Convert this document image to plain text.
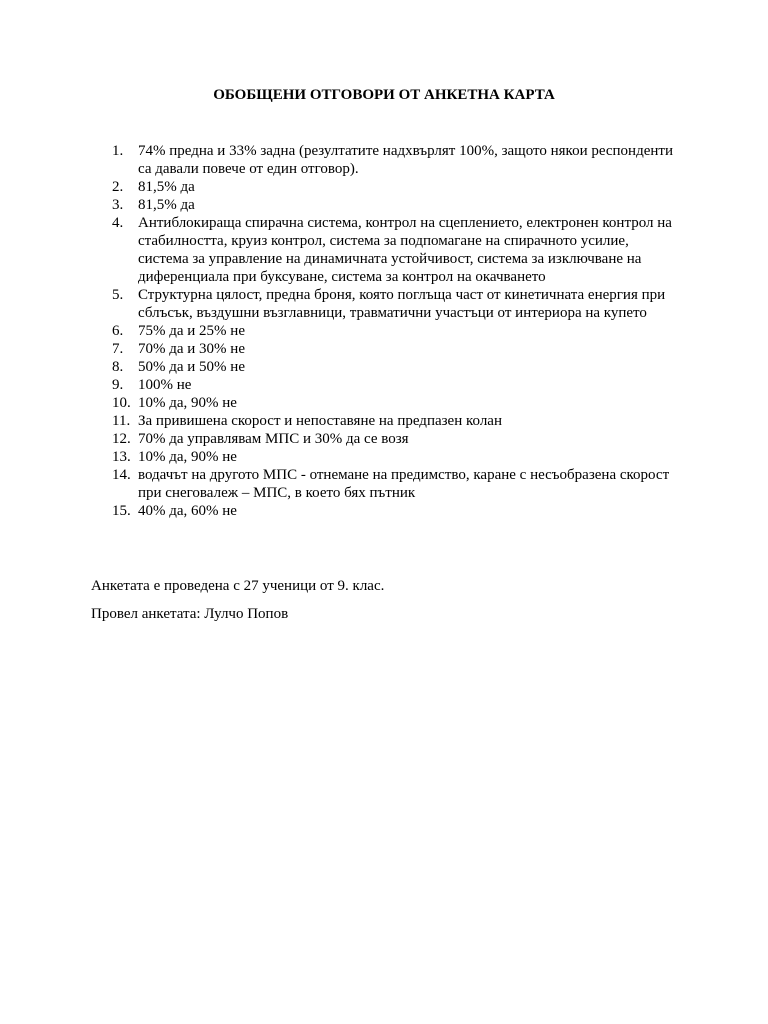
ОБОБЩЕНИ ОТГОВОРИ ОТ АНКЕТНА КАРТА

1. 74% предна и 33% задна (резултатите надхвърлят 100%, защото някои респонденти са давали повече от един отговор).
2. 81,5% да
3. 81,5% да
4. Антиблокираща спирачна система, контрол на сцеплението, електронен контрол на стабилността, круиз контрол, система за подпомагане на спирачното усилие, система за управление на динамичната устойчивост, система за изключване на диференциала при буксуване, система за контрол на окачването
5. Структурна цялост, предна броня, която поглъща част от кинетичната енергия при сблъсък, въздушни възглавници, травматични участъци от интериора на купето
6. 75% да и 25% не
7. 70% да и 30% не
8. 50% да и 50% не
9. 100% не
10. 10% да, 90% не
11. За привишена скорост и непоставяне на предпазен колан
12. 70% да управлявам МПС и 30% да се возя
13. 10% да, 90% не
14. водачът на другото МПС - отнемане на предимство, каране с несъобразена скорост при снеговалеж – МПС, в което бях пътник
15. 40% да, 60% не

Анкетата е проведена с 27 ученици от 9. клас.

Провел анкетата: Лулчо Попов
